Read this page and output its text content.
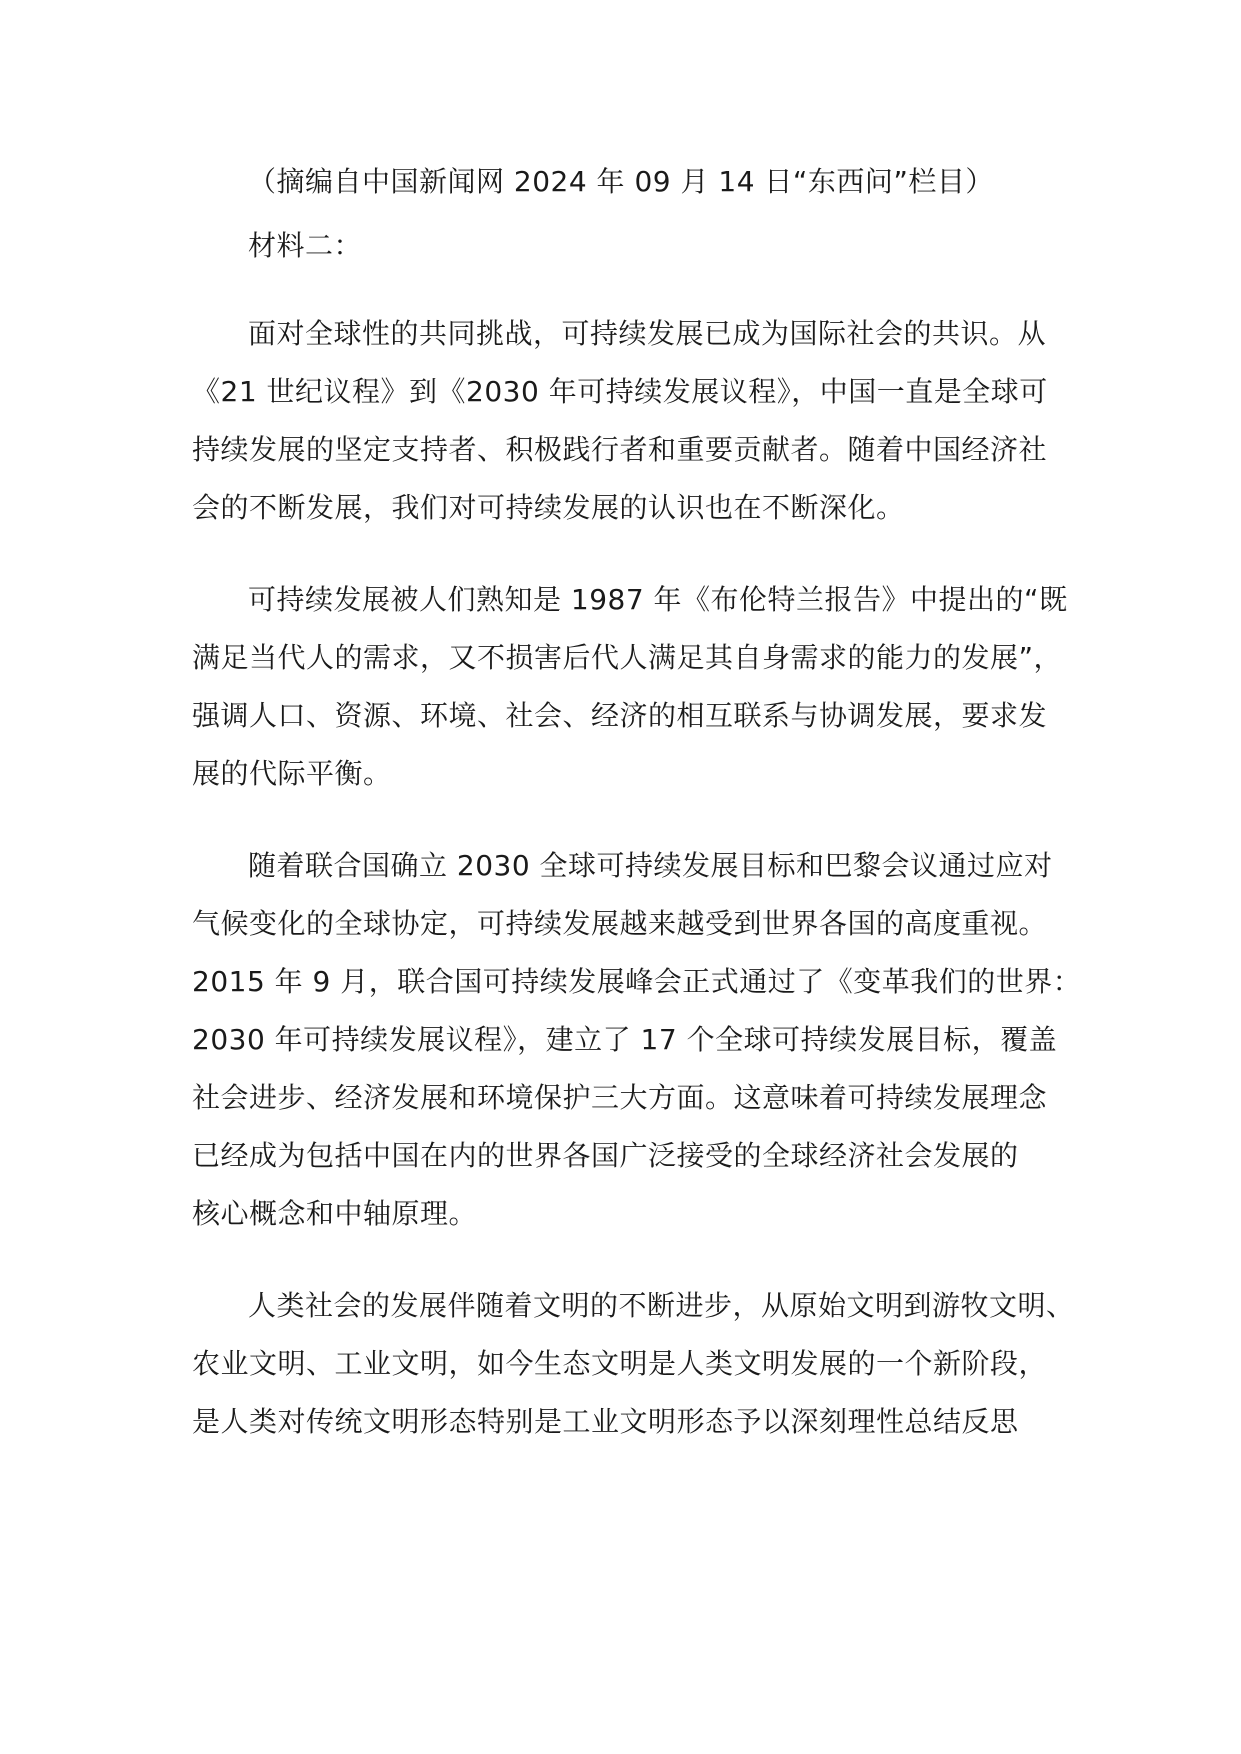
（摘编自中国新闻网 2024 年 09 月 14 日“东西问”栏目）
材料二：
面对全球性的共同挑战，可持续发展已成为国际社会的共识。从
《21 世纪议程》到《2030 年可持续发展议程》，中国一直是全球可
持续发展的坚定支持者、积极践行者和重要贡献者。随着中国经济社
会的不断发展，我们对可持续发展的认识也在不断深化。
可持续发展被人们熟知是 1987 年《布伦特兰报告》中提出的“既
满足当代人的需求，又不损害后代人满足其自身需求的能力的发展”，
强调人口、资源、环境、社会、经济的相互联系与协调发展，要求发
展的代际平衡。
随着联合国确立 2030 全球可持续发展目标和巴黎会议通过应对
气候变化的全球协定，可持续发展越来越受到世界各国的高度重视。
2015 年 9 月，联合国可持续发展峰会正式通过了《变革我们的世界：
2030 年可持续发展议程》，建立了 17 个全球可持续发展目标，覆盖
社会进步、经济发展和环境保护三大方面。这意味着可持续发展理念
已经成为包括中国在内的世界各国广泛接受的全球经济社会发展的
核心概念和中轴原理。
人类社会的发展伴随着文明的不断进步，从原始文明到游牧文明、
农业文明、工业文明，如今生态文明是人类文明发展的一个新阶段，
是人类对传统文明形态特别是工业文明形态予以深刻理性总结反思
